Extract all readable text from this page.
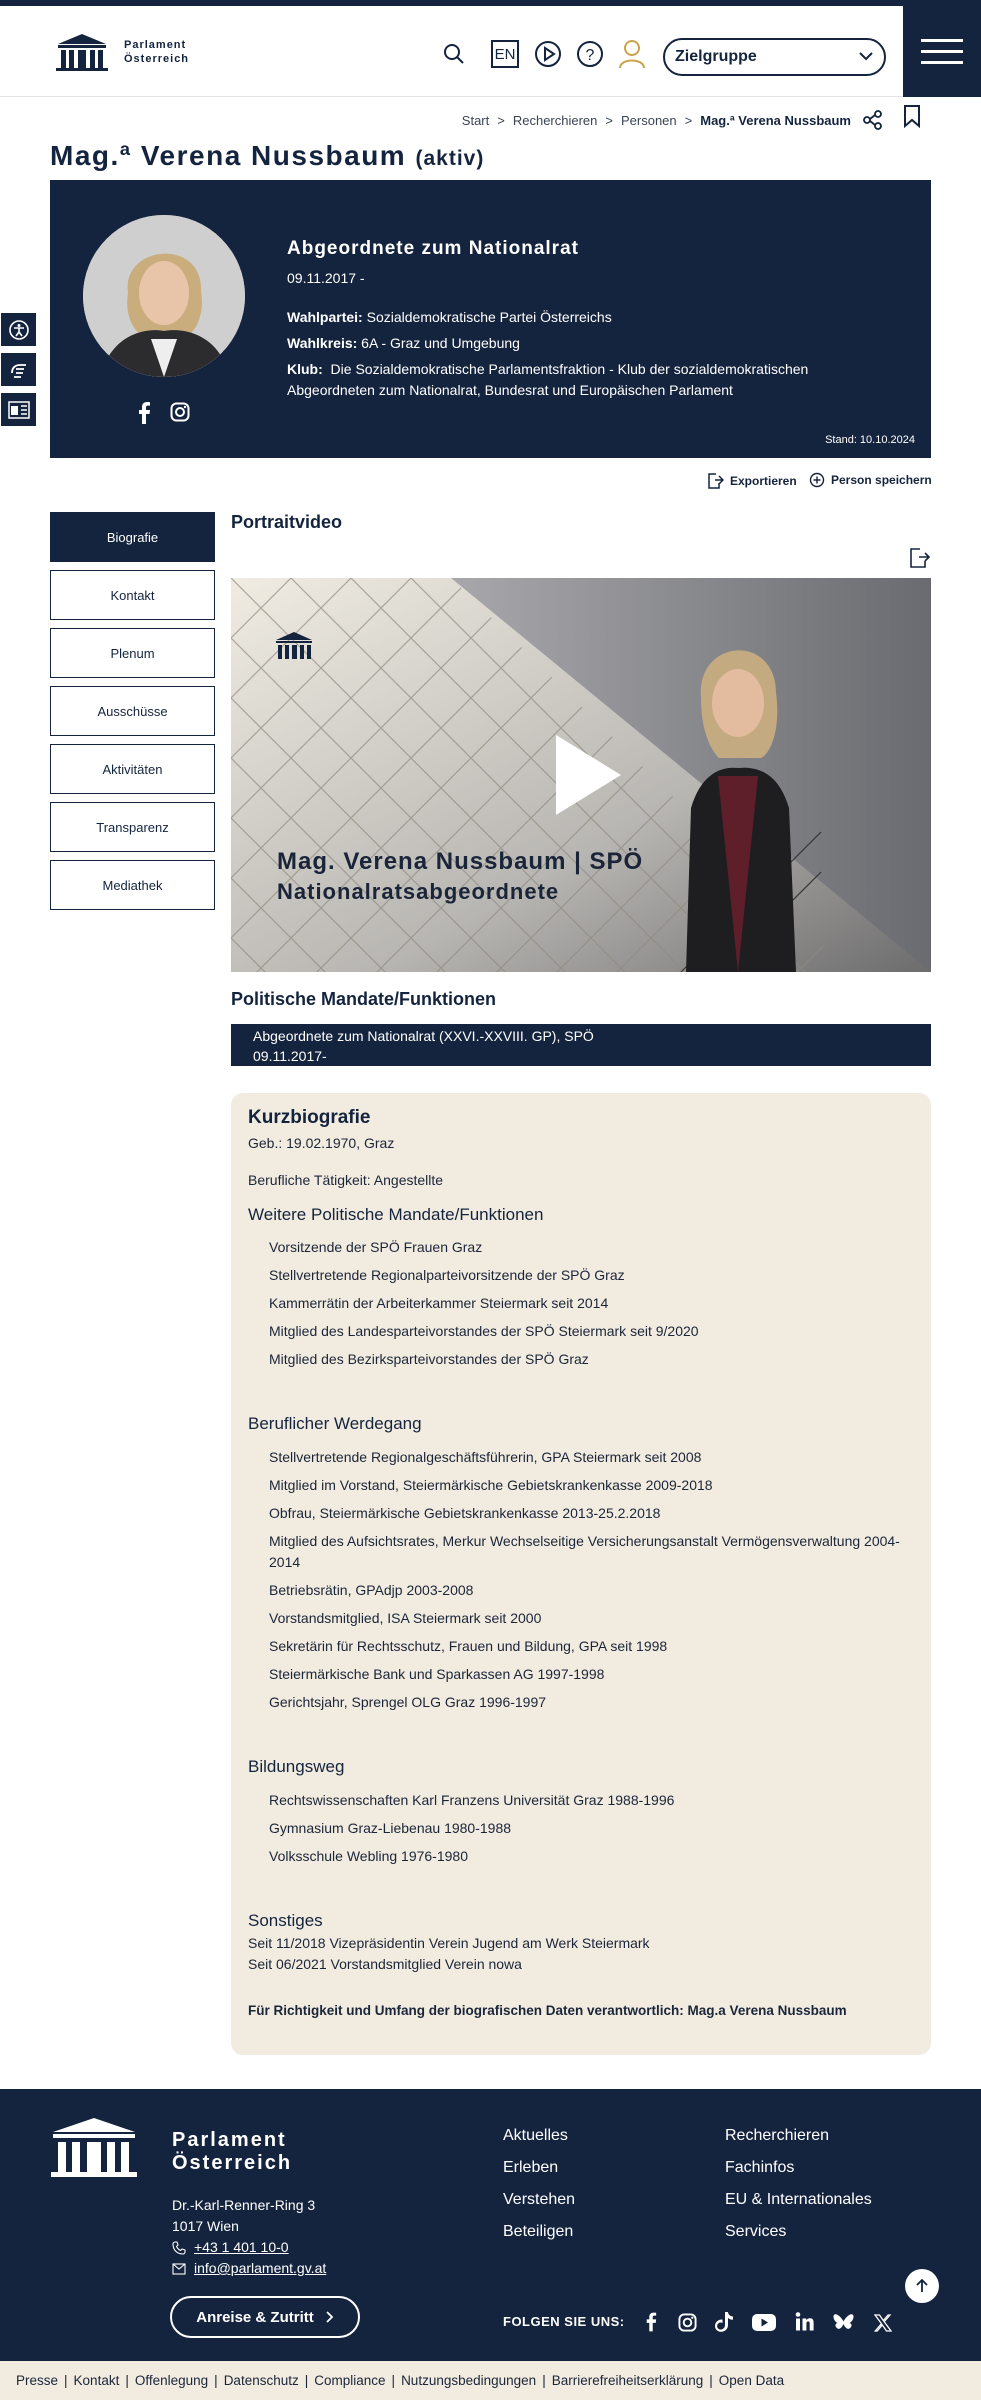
Parlament
Österreich	EN	?	Zielgruppe
Start > Recherchieren > Personen > Mag.ª Verena Nussbaum
Mag.ª Verena Nussbaum (aktiv)
Abgeordnete zum Nationalrat
09.11.2017 -
Wahlpartei: Sozialdemokratische Partei Österreichs
Wahlkreis: 6A - Graz und Umgebung
Klub: Die Sozialdemokratische Parlamentsfraktion - Klub der sozialdemokratischen Abgeordneten zum Nationalrat, Bundesrat und Europäischen Parlament
Stand: 10.10.2024
Exportieren	Person speichern
Biografie
Kontakt
Plenum
Ausschüsse
Aktivitäten
Transparenz
Mediathek
Portraitvideo
Mag. Verena Nussbaum | SPÖ
Nationalratsabgeordnete
Politische Mandate/Funktionen
Abgeordnete zum Nationalrat (XXVI.-XXVIII. GP), SPÖ
09.11.2017-
Kurzbiografie
Geb.: 19.02.1970, Graz
Berufliche Tätigkeit: Angestellte
Weitere Politische Mandate/Funktionen
Vorsitzende der SPÖ Frauen Graz
Stellvertretende Regionalparteivorsitzende der SPÖ Graz
Kammerrätin der Arbeiterkammer Steiermark seit 2014
Mitglied des Landesparteivorstandes der SPÖ Steiermark seit 9/2020
Mitglied des Bezirksparteivorstandes der SPÖ Graz
Beruflicher Werdegang
Stellvertretende Regionalgeschäftsführerin, GPA Steiermark seit 2008
Mitglied im Vorstand, Steiermärkische Gebietskrankenkasse 2009-2018
Obfrau, Steiermärkische Gebietskrankenkasse 2013-25.2.2018
Mitglied des Aufsichtsrates, Merkur Wechselseitige Versicherungsanstalt Vermögensverwaltung 2004-2014
Betriebsrätin, GPAdjp 2003-2008
Vorstandsmitglied, ISA Steiermark seit 2000
Sekretärin für Rechtsschutz, Frauen und Bildung, GPA seit 1998
Steiermärkische Bank und Sparkassen AG 1997-1998
Gerichtsjahr, Sprengel OLG Graz 1996-1997
Bildungsweg
Rechtswissenschaften Karl Franzens Universität Graz 1988-1996
Gymnasium Graz-Liebenau 1980-1988
Volksschule Webling 1976-1980
Sonstiges
Seit 11/2018 Vizepräsidentin Verein Jugend am Werk Steiermark
Seit 06/2021 Vorstandsmitglied Verein nowa
Für Richtigkeit und Umfang der biografischen Daten verantwortlich: Mag.a Verena Nussbaum
Parlament
Österreich
Dr.-Karl-Renner-Ring 3
1017 Wien
+43 1 401 10-0
info@parlament.gv.at
Anreise & Zutritt
Aktuelles
Erleben
Verstehen
Beteiligen
Recherchieren
Fachinfos
EU & Internationales
Services
FOLGEN SIE UNS:
Presse | Kontakt | Offenlegung | Datenschutz | Compliance | Nutzungsbedingungen | Barrierefreiheitserklärung | Open Data
